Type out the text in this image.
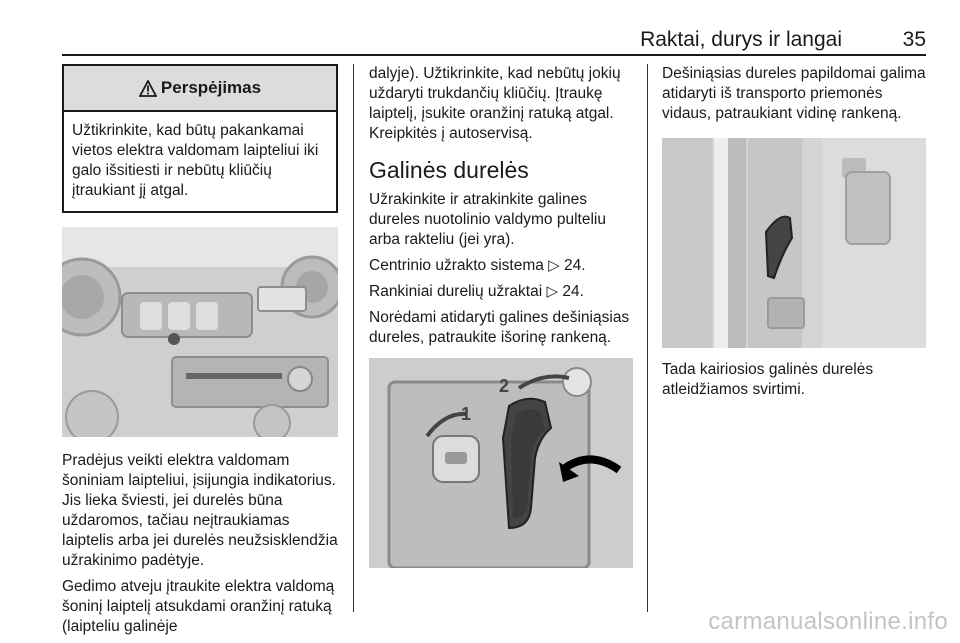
Raktai, durys ir langai	35
Perspėjimas
Užtikrinkite, kad būtų pakankamai vietos elektra valdomam laipteliui iki galo išsitiesti ir nebūtų kliūčių įtraukiant jį atgal.

Pradėjus veikti elektra valdomam šoniniam laipteliui, įsijungia indikatorius. Jis lieka šviesti, jei durelės būna uždaromos, tačiau neįtraukiamas laiptelis arba jei durelės neužsisklendžia užrakinimo padėtyje.

Gedimo atveju įtraukite elektra valdomą šoninį laiptelį atsukdami oranžinį ratuką (laipteliu galinėje

dalyje). Užtikrinkite, kad nebūtų jokių uždaryti trukdančių kliūčių. Įtraukę laiptelį, įsukite oranžinį ratuką atgal. Kreipkitės į autoservisą.

Galinės durelės

Užrakinkite ir atrakinkite galines dureles nuotolinio valdymo pulteliu arba rakteliu (jei yra).

Centrinio užrakto sistema ▷ 24.

Rankiniai durelių užraktai ▷ 24.

Norėdami atidaryti galines dešiniąsias dureles, patraukite išorinę rankeną.

2
1

Dešiniąsias dureles papildomai galima atidaryti iš transporto priemonės vidaus, patraukiant vidinę rankeną.

Tada kairiosios galinės durelės atleidžiamos svirtimi.

carmanualsonline.info
